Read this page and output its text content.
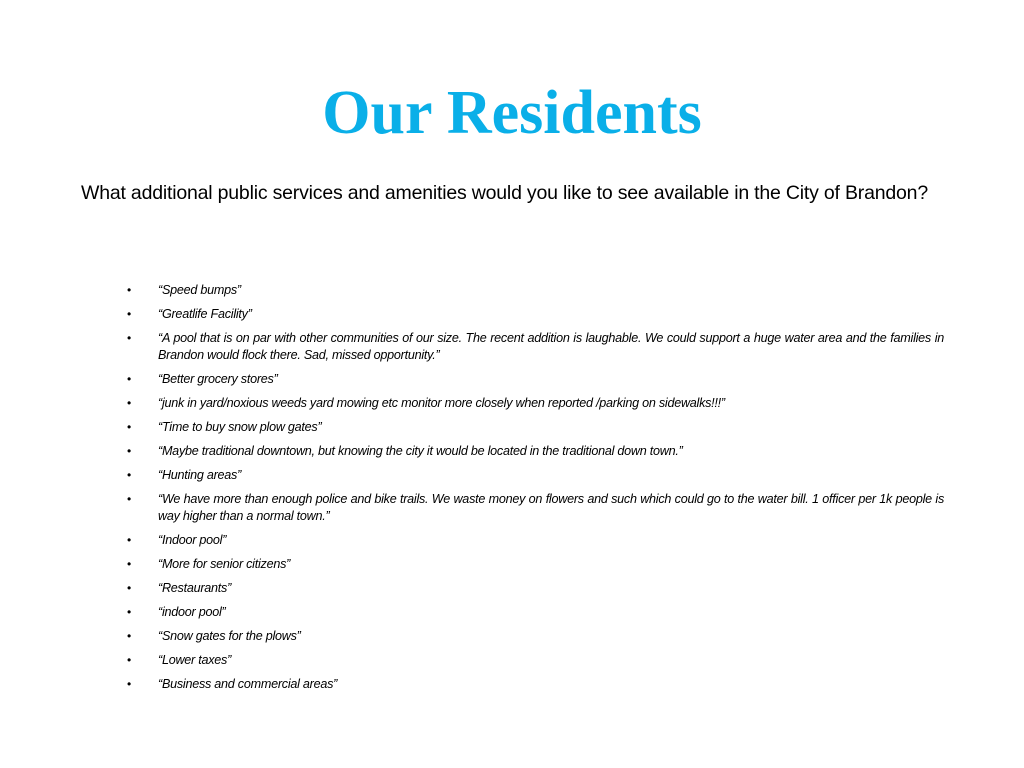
Our Residents

What additional public services and amenities would you like to see available in the City of Brandon?

• “Speed bumps”
• “Greatlife Facility”
• “A pool that is on par with other communities of our size. The recent addition is laughable. We could support a huge water area and the families in Brandon would flock there. Sad, missed opportunity.”
• “Better grocery stores”
• “junk in yard/noxious weeds yard mowing etc monitor more closely when reported /parking on sidewalks!!!”
• “Time to buy snow plow gates”
• “Maybe traditional downtown, but knowing the city it would be located in the traditional down town.”
• “Hunting areas”
• “We have more than enough police and bike trails. We waste money on flowers and such which could go to the water bill. 1 officer per 1k people is way higher than a normal town.”
• “Indoor pool”
• “More for senior citizens”
• “Restaurants”
• “indoor pool”
• “Snow gates for the plows”
• “Lower taxes”
• “Business and commercial areas”
